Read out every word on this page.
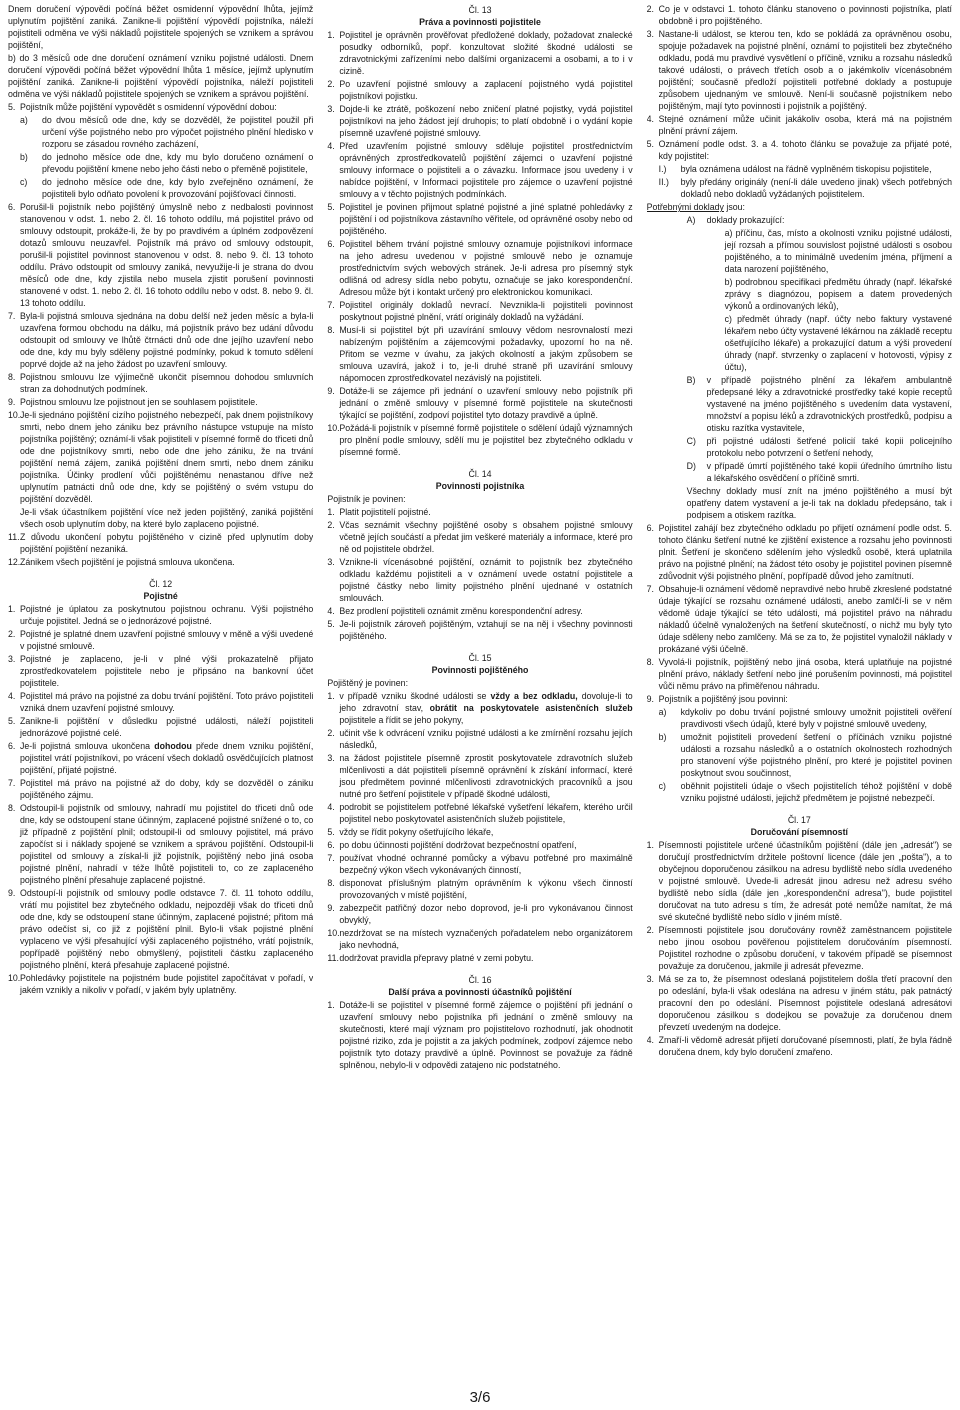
Dnem doručení výpovědi počíná běžet osmidenní výpovědní lhůta, jejímž uplynutím pojištění zaniká. Zanikne-li pojištění výpovědí pojistníka, náleží pojistiteli odměna ve výši nákladů pojistitele spojených se vznikem a správou pojištění,

b) do 3 měsíců ode dne doručení oznámení vzniku pojistné události. Dnem doručení výpovědi počíná běžet výpovědní lhůta 1 měsíce, jejímž uplynutím pojištění zaniká. Zanikne-li pojištění výpovědí pojistníka, náleží pojistiteli odměna ve výši nákladů pojistitele spojených se vznikem a správou pojištění.

5. Pojistník může pojištění vypovědět s osmidenní výpovědní dobou:
a) do dvou měsíců ode dne, kdy se dozvěděl, že pojistitel použil při určení výše pojistného nebo pro výpočet pojistného plnění hledisko v rozporu se zásadou rovného zacházení,
b) do jednoho měsíce ode dne, kdy mu bylo doručeno oznámení o převodu pojištění kmene nebo jeho části nebo o přeměně pojistitele,
c) do jednoho měsíce ode dne, kdy bylo zveřejněno oznámení, že pojistiteli bylo odňato povolení k provozování pojišťovací činnosti.
6. Porušil-li pojistník nebo pojištěný úmyslně nebo z nedbalosti povinnost stanovenou v odst. 1. nebo 2. čl. 16 tohoto oddílu, má pojistitel právo od smlouvy odstoupit, prokáže-li, že by po pravdivém a úplném zodpovězení dotazů smlouvu neuzavřel. Pojistník má právo od smlouvy odstoupit, porušil-li pojistitel povinnost stanovenou v odst. 8. nebo 9. čl. 13 tohoto oddílu. Právo odstoupit od smlouvy zaniká, nevyužije-li je strana do dvou měsíců ode dne, kdy zjistila nebo musela zjistit porušení povinnosti stanovené v odst. 1. nebo 2. čl. 16 tohoto oddílu nebo v odst. 8. nebo 9. čl. 13 tohoto oddílu.
7. Byla-li pojistná smlouva sjednána na dobu delší než jeden měsíc a byla-li uzavřena formou obchodu na dálku, má pojistník právo bez udání důvodu odstoupit od smlouvy ve lhůtě čtrnácti dnů ode dne jejího uzavření nebo ode dne, kdy mu byly sděleny pojistné podmínky, pokud k tomuto sdělení poprvé dojde až na jeho žádost po uzavření smlouvy.
8. Pojistnou smlouvu lze výjimečně ukončit písemnou dohodou smluvních stran za dohodnutých podmínek.
9. Pojistnou smlouvu lze pojistnout jen se souhlasem pojistitele.
10. Je-li sjednáno pojištění cizího pojistného nebezpečí, pak dnem pojistníkovy smrti, nebo dnem jeho zániku bez právního nástupce vstupuje na místo pojistníka pojištěný; oznámí-li však pojistiteli v písemné formě do třiceti dnů ode dne pojistníkovy smrti, nebo ode dne jeho zániku, že na trvání pojištění nemá zájem, zaniká pojištění dnem smrti, nebo dnem zániku pojistníka. Účinky prodlení vůči pojištěnému nenastanou dříve než uplynutím patnácti dnů ode dne, kdy se pojištěný o svém vstupu do pojištění dozvěděl.
Je-li však účastníkem pojištění více než jeden pojištěný, zaniká pojištění všech osob uplynutím doby, na které bylo zaplaceno pojistné.
11. Z důvodu ukončení pobytu pojištěného v cizině před uplynutím doby pojištění pojištění nezaniká.
12. Zánikem všech pojištění je pojistná smlouva ukončena.
Čl. 12
Pojistné
1. Pojistné je úplatou za poskytnutou pojistnou ochranu. Výši pojistného určuje pojistitel. Jedná se o jednorázové pojistné.
2. Pojistné je splatné dnem uzavření pojistné smlouvy v měně a výši uvedené v pojistné smlouvě.
3. Pojistné je zaplaceno, je-li v plné výši prokazatelně přijato zprostředkovatelem pojistitele nebo je připsáno na bankovní účet pojistitele.
4. Pojistitel má právo na pojistné za dobu trvání pojištění. Toto právo pojistiteli vzniká dnem uzavření pojistné smlouvy.
5. Zanikne-li pojištění v důsledku pojistné události, náleží pojistiteli jednorázové pojistné celé.
6. Je-li pojistná smlouva ukončena dohodou přede dnem vzniku pojištění, pojistitel vrátí pojistníkovi, po vrácení všech dokladů osvědčujících platnost pojištění, přijaté pojistné.
7. Pojistitel má právo na pojistné až do doby, kdy se dozvěděl o zániku pojištěného zájmu.
8. Odstoupil-li pojistník od smlouvy, nahradí mu pojistitel do třiceti dnů ode dne, kdy se odstoupení stane účinným, zaplacené pojistné snížené o to, co již případně z pojištění plnil; odstoupil-li od smlouvy pojistitel, má právo započíst si i náklady spojené se vznikem a správou pojištění. Odstoupil-li pojistitel od smlouvy a získal-li již pojistník, pojištěný nebo jiná osoba pojistné plnění, nahradí v téže lhůtě pojistiteli to, co ze zaplaceného pojistného plnění přesahuje zaplacené pojistné.
9. Odstoupí-li pojistník od smlouvy podle odstavce 7. čl. 11 tohoto oddílu, vrátí mu pojistitel bez zbytečného odkladu, nejpozději však do třiceti dnů ode dne, kdy se odstoupení stane účinným, zaplacené pojistné; přitom má právo odečíst si, co již z pojištění plnil. Bylo-li však pojistné plnění vyplaceno ve výši přesahující výši zaplaceného pojistného, vrátí pojistník, popřípadě pojištěný nebo obmyšlený, pojistiteli částku zaplaceného pojistného plnění, která přesahuje zaplacené pojistné.
10. Pohledávky pojistitele na pojistném bude pojistitel započítávat v pořadí, v jakém vznikly a nikoliv v pořadí, v jakém byly uplatněny.
Čl. 13
Práva a povinnosti pojistitele
1. Pojistitel je oprávněn prověřovat předložené doklady, požadovat znalecké posudky odborníků, popř. konzultovat složité škodné události se zdravotnickými zařízeními nebo dalšími organizacemi a osobami, a to i v cizině.
2. Po uzavření pojistné smlouvy a zaplacení pojistného vydá pojistitel pojistníkovi pojistku.
3. Dojde-li ke ztrátě, poškození nebo zničení platné pojistky, vydá pojistitel pojistníkovi na jeho žádost její druhopis; to platí obdobně i o vydání kopie písemně uzavřené pojistné smlouvy.
4. Před uzavřením pojistné smlouvy sděluje pojistitel prostřednictvím oprávněných zprostředkovatelů pojištění zájemci o uzavření pojistné smlouvy informace o pojistiteli a o závazku. Informace jsou uvedeny i v nabídce pojištění, v Informaci pojistitele pro zájemce o uzavření pojistné smlouvy a v těchto pojistných podmínkách.
5. Pojistitel je povinen přijmout splatné pojistné a jiné splatné pohledávky z pojištění i od pojistníkova zástavního věřitele, od oprávněné osoby nebo od pojištěného.
6. Pojistitel během trvání pojistné smlouvy oznamuje pojistníkovi informace na jeho adresu uvedenou v pojistné smlouvě nebo je oznamuje prostřednictvím svých webových stránek. Je-li adresa pro písemný styk odlišná od adresy sídla nebo pobytu, označuje se jako korespondenční. Adresou může být i kontakt určený pro elektronickou komunikaci.
7. Pojistitel originály dokladů nevrací. Nevznikla-li pojistiteli povinnost poskytnout pojistné plnění, vrátí originály dokladů na vyžádání.
8. Musí-li si pojistitel být při uzavírání smlouvy vědom nesrovnalostí mezi nabízeným pojištěním a zájemcovými požadavky, upozorní ho na ně. Přitom se vezme v úvahu, za jakých okolností a jakým způsobem se smlouva uzavírá, jakož i to, je-li druhé straně při uzavírání smlouvy nápomocen zprostředkovatel nezávislý na pojistiteli.
9. Dotáže-li se zájemce při jednání o uzavření smlouvy nebo pojistník při jednání o změně smlouvy v písemné formě pojistitele na skutečnosti týkající se pojištění, zodpoví pojistitel tyto dotazy pravdivě a úplně.
10. Požádá-li pojistník v písemné formě pojistitele o sdělení údajů významných pro plnění podle smlouvy, sdělí mu je pojistitel bez zbytečného odkladu v písemné formě.
Čl. 14
Povinnosti pojistníka

Pojistník je povinen:

1. Platit pojistitelí pojistné.
2. Včas seznámit všechny pojištěné osoby s obsahem pojistné smlouvy včetně jejích součástí a předat jim veškeré materiály a informace, které pro ně od pojistitele obdržel.
3. Vznikne-li vícenásobné pojištění, oznámit to pojistník bez zbytečného odkladu každému pojistiteli a v oznámení uvede ostatní pojistitele a pojistné částky nebo limity pojistného plnění ujednané v ostatních smlouvách.
4. Bez prodlení pojistiteli oznámit změnu korespondenční adresy.
5. Je-li pojistník zároveň pojištěným, vztahují se na něj i všechny povinnosti pojištěného.
Čl. 15
Povinnosti pojištěného

Pojištěný je povinen:

1. v případě vzniku škodné události se vždy a bez odkladu, dovoluje-li to jeho zdravotní stav, obrátit na poskytovatele asistenčních služeb pojistitele a řídit se jeho pokyny,
2. učinit vše k odvrácení vzniku pojistné události a ke zmírnění rozsahu jejích následků,
3. na žádost pojistitele písemně zprostit poskytovatele zdravotních služeb mlčenlivosti a dát pojistiteli písemně oprávnění k získání informací, které jsou předmětem povinné mlčenlivosti zdravotnických pracovníků a jsou nutné pro šetření pojistitele v případě škodné události,
4. podrobit se pojistitelem potřebné lékařské vyšetření lékařem, kterého určil pojistitel nebo poskytovatel asistenčních služeb pojistitele,
5. vždy se řídit pokyny ošetřujícího lékaře,
6. po dobu účinnosti pojištění dodržovat bezpečnostní opatření,
7. používat vhodné ochranné pomůcky a výbavu potřebné pro maximálně bezpečný výkon všech vykonávaných činností,
8. disponovat příslušným platným oprávněním k výkonu všech činností provozovaných v místě pojištění,
9. zabezpečit patřičný dozor nebo doprovod, je-li pro vykonávanou činnost obvyklý,
10. nezdržovat se na místech vyznačených pořadatelem nebo organizátorem jako nevhodná,
11. dodržovat pravidla přepravy platné v zemi pobytu.
Čl. 16
Další práva a povinnosti účastníků pojištění
1. Dotáže-li se pojistitel v písemné formě zájemce o pojištění při jednání o uzavření smlouvy nebo pojistníka při jednání o změně smlouvy na skutečnosti, které mají význam pro pojistitelovo rozhodnutí, jak ohodnotit pojistné riziko, zda je pojistit a za jakých podmínek, zodpoví zájemce nebo pojistník tyto dotazy pravdivě a úplně. Povinnost se považuje za řádně splněnou, nebylo-li v odpovědi zatajeno nic podstatného.
2. Co je v odstavci 1. tohoto článku stanoveno o povinnosti pojistníka, platí obdobně i pro pojištěného.
3. Nastane-li událost, se kterou ten, kdo se pokládá za oprávněnou osobu, spojuje požadavek na pojistné plnění, oznámí to pojistiteli bez zbytečného odkladu, podá mu pravdivé vysvětlení o příčině, vzniku a rozsahu následků takové události, o právech třetích osob a o jakémkoliv vícenásobném pojištění; současně předloží pojistiteli potřebné doklady a postupuje způsobem ujednaným ve smlouvě. Není-li současně pojistníkem nebo pojištěným, mají tyto povinnosti i pojistník a pojištěný.
4. Stejné oznámení může učinit jakákoliv osoba, která má na pojistném plnění právní zájem.
5. Oznámení podle odst. 3. a 4. tohoto článku se považuje za přijaté poté, kdy pojistitel:
I.) byla oznámena událost na řádně vyplněném tiskopisu pojistitele,
II.) byly předány originály (není-li dále uvedeno jinak) všech potřebných dokladů nebo dokladů vyžádaných pojistitelem.

Potřebnými doklady jsou:

A) doklady prokazující:
a) příčinu, čas, místo a okolnosti vzniku pojistné události, její rozsah a přímou souvislost pojistné události s osobou pojištěného, a to minimálně uvedením jména, příjmení a data narození pojištěného,
b) podrobnou specifikaci předmětu úhrady (např. lékařské zprávy s diagnózou, popisem a datem provedených výkonů a ordinovaných léků),
c) předmět úhrady (např. účty nebo faktury vystavené lékařem nebo účty vystavené lékárnou na základě receptu ošetřujícího lékaře) a prokazující datum a výši provedení úhrady (např. stvrzenky o zaplacení v hotovosti, výpisy z účtu),
B) v případě pojistného plnění za lékařem ambulantně předepsané léky a zdravotnické prostředky také kopie receptů vystavené na jméno pojištěného s uvedením data vystavení, množství a popisu léků a zdravotnických prostředků, podpisu a otisku razítka vystavitele,
C) při pojistné události šetřené policií také kopii policejního protokolu nebo potvrzení o šetření nehody,
D) v případě úmrtí pojištěného také kopii úředního úmrtního listu a lékařského osvědčení o příčině smrti.

Všechny doklady musí znít na jméno pojištěného a musí být opatřeny datem vystavení a je-li tak na dokladu předepsáno, tak i podpisem a otiskem razítka.

6. Pojistitel zahájí bez zbytečného odkladu po přijetí oznámení podle odst. 5. tohoto článku šetření nutné ke zjištění existence a rozsahu jeho povinnosti plnit. Šetření je skončeno sdělením jeho výsledků osobě, která uplatnila právo na pojistné plnění; na žádost této osoby je pojistitel povinen písemně zdůvodnit výši pojistného plnění, popřípadě důvod jeho zamítnutí.
7. Obsahuje-li oznámení vědomě nepravdivé nebo hrubě zkreslené podstatné údaje týkající se rozsahu oznámené události, anebo zamlčí-li se v něm vědomě údaje týkající se této události, má pojistitel právo na náhradu nákladů účelně vynaložených na šetření skutečností, o nichž mu byly tyto údaje sděleny nebo zamlčeny. Má se za to, že pojistitel vynaložil náklady v prokázané výši účelně.
8. Vyvolá-li pojistník, pojištěný nebo jiná osoba, která uplatňuje na pojistné plnění právo, náklady šetření nebo jiné porušením povinnosti, má pojistitel vůči němu právo na přiměřenou náhradu.
9. Pojistník a pojištěný jsou povinni:
a) kdykoliv po dobu trvání pojistné smlouvy umožnit pojistiteli ověření pravdivosti všech údajů, které byly v pojistné smlouvě uvedeny,
b) umožnit pojistiteli provedení šetření o příčinách vzniku pojistné události a rozsahu následků a o ostatních okolnostech rozhodných pro stanovení výše pojistného plnění, pro které je pojistitel povinen poskytnout svou součinnost,
c) oběhnit pojistiteli údaje o všech pojistitelích téhož pojištění v době vzniku pojistné události, jejichž předmětem je pojistné nebezpečí.
Čl. 17
Doručování písemností
1. Písemnosti pojistitele určené účastníkům pojištění (dále jen „adresát") se doručují prostřednictvím držitele poštovní licence (dále jen „pošta"), a to obyčejnou doporučenou zásilkou na adresu bydliště nebo sídla uvedeného v pojistné smlouvě. Uvede-li adresát jinou adresu než adresu svého bydliště nebo sídla (dále jen „korespondenční adresa"), bude pojistitel doručovat na tuto adresu s tím, že adresát poté nemůže namítat, že má své skutečné bydliště nebo sídlo v jiném místě.
2. Písemnosti pojistitele jsou doručovány rovněž zaměstnancem pojistitele nebo jinou osobou pověřenou pojistitelem doručováním písemností. Pojistitel rozhodne o způsobu doručení, v takovém případě se písemnost považuje za doručenou, jakmile ji adresát převezme.
3. Má se za to, že písemnost odeslaná pojistitelem došla třetí pracovní den po odeslání, byla-li však odeslána na adresu v jiném státu, pak patnáctý pracovní den po odeslání. Písemnost pojistitele odeslaná adresátovi doporučenou zásilkou s dodejkou se považuje za doručenou dnem převzetí uvedeným na dodejce.
4. Zmaří-li vědomě adresát přijetí doručované písemnosti, platí, že byla řádně doručena dnem, kdy bylo doručení zmařeno.
3/6
